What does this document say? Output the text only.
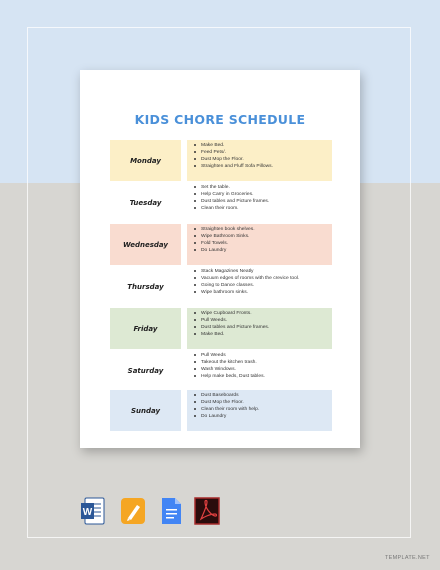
KIDS CHORE SCHEDULE
Monday
Make Bed.
Feed Pets/.
Dust Mop the Floor.
Straighten and Fluff Sofa Pillows.
Tuesday
Set the table.
Help Carry in Groceries.
Dust tables and Picture frames.
Clean their room.
Wednesday
Straighten book shelves.
Wipe Bathroom Sinks.
Fold Towels.
Do Laundry
Thursday
Stack Magazines Neatly
Vacuum edges of rooms with the crevice tool.
Going to Dance classes.
Wipe bathroom sinks.
Friday
Wipe Cupboard Fronts.
Pull Weeds.
Dust tables and Picture frames.
Make Bed.
Saturday
Pull Weeds
Takeout the kitchen trash.
Wash Windows.
Help make beds, Dust tables.
Sunday
Dust Baseboards
Dust Mop the Floor.
Clean their room with help.
Do Laundry
W
TEMPLATE.NET
